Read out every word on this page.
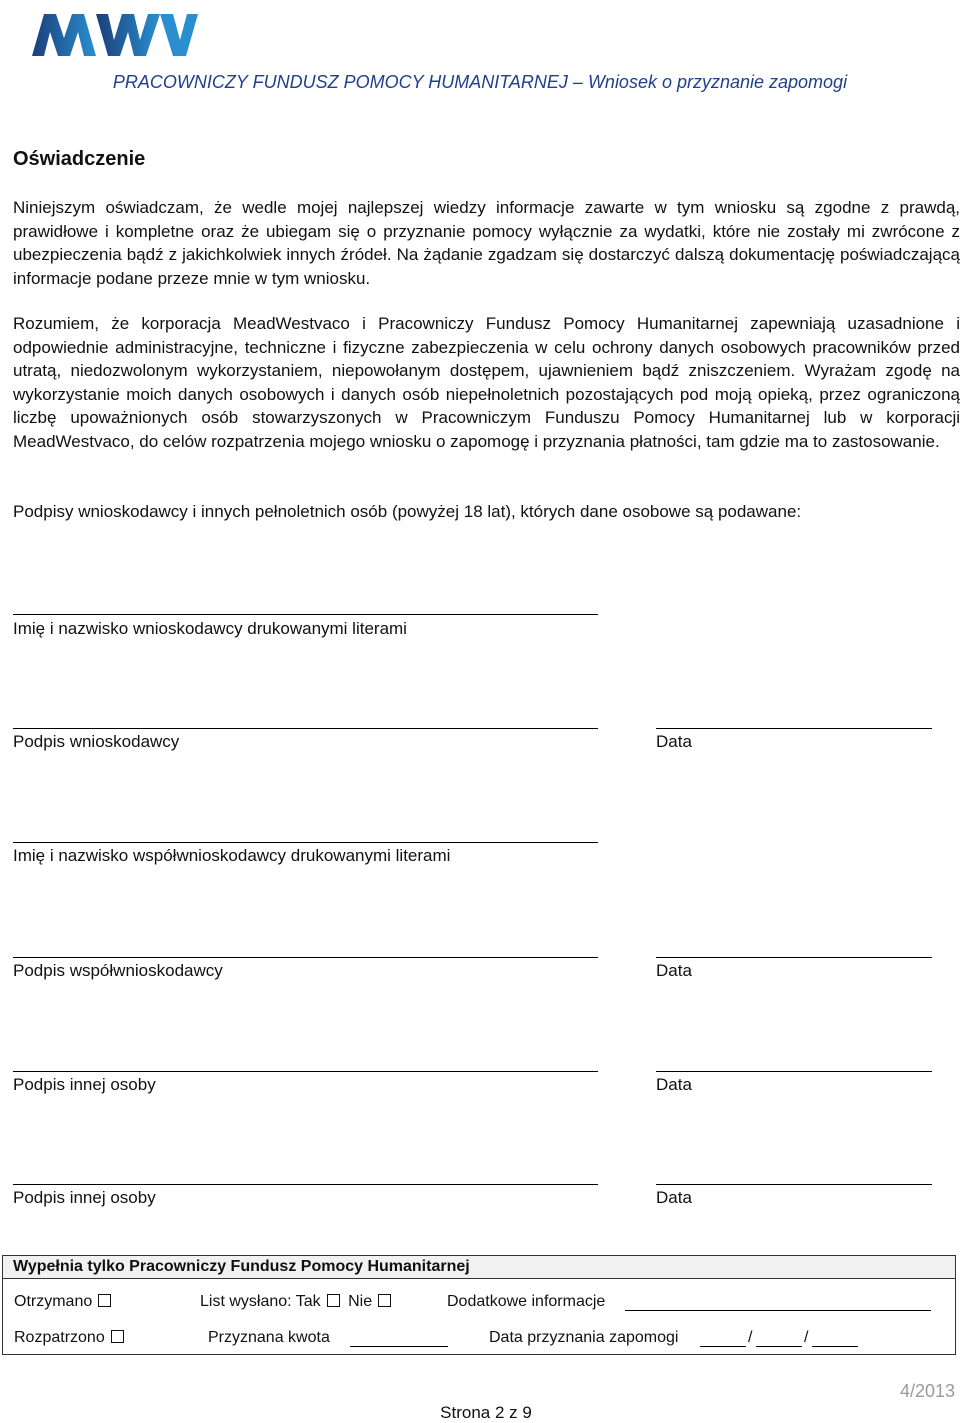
PRACOWNICZY FUNDUSZ POMOCY HUMANITARNEJ – Wniosek o przyznanie zapomogi
Oświadczenie

Niniejszym oświadczam, że wedle mojej najlepszej wiedzy informacje zawarte w tym wniosku są zgodne z prawdą, prawidłowe i kompletne oraz że ubiegam się o przyznanie pomocy wyłącznie za wydatki, które nie zostały mi zwrócone z ubezpieczenia bądź z jakichkolwiek innych źródeł. Na żądanie zgadzam się dostarczyć dalszą dokumentację poświadczającą informacje podane przeze mnie w tym wniosku.

Rozumiem, że korporacja MeadWestvaco i Pracowniczy Fundusz Pomocy Humanitarnej zapewniają uzasadnione i odpowiednie administracyjne, techniczne i fizyczne zabezpieczenia w celu ochrony danych osobowych pracowników przed utratą, niedozwolonym wykorzystaniem, niepowołanym dostępem, ujawnieniem bądź zniszczeniem. Wyrażam zgodę na wykorzystanie moich danych osobowych i danych osób niepełnoletnich pozostających pod moją opieką, przez ograniczoną liczbę upoważnionych osób stowarzyszonych w Pracowniczym Funduszu Pomocy Humanitarnej lub w korporacji MeadWestvaco, do celów rozpatrzenia mojego wniosku o zapomogę i przyznania płatności, tam gdzie ma to zastosowanie.

Podpisy wnioskodawcy i innych pełnoletnich osób (powyżej 18 lat), których dane osobowe są podawane:
Imię i nazwisko wnioskodawcy drukowanymi literami
Podpis wnioskodawcy	Data
Imię i nazwisko współwnioskodawcy drukowanymi literami
Podpis współwnioskodawcy	Data
Podpis innej osoby	Data
Podpis innej osoby	Data
Wypełnia tylko Pracowniczy Fundusz Pomocy Humanitarnej
Otrzymano	List wysłano: Tak Nie	Dodatkowe informacje
Rozpatrzono	Przyznana kwota	Data przyznania zapomogi	/	/
4/2013
Strona 2 z 9
